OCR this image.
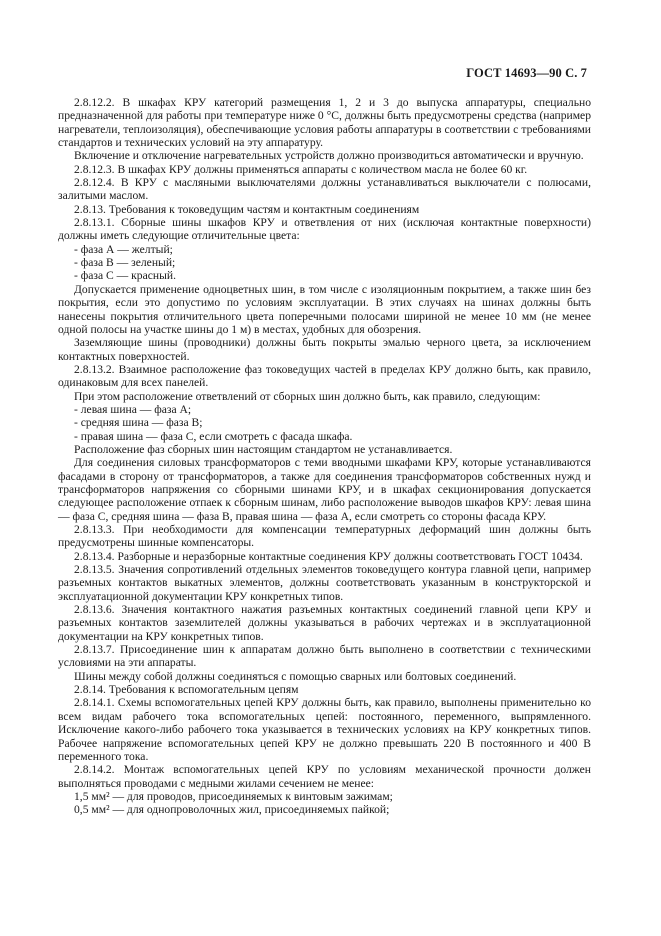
ГОСТ 14693—90 С. 7

2.8.12.2. В шкафах КРУ категорий размещения 1, 2 и 3 до выпуска аппаратуры, специально предназначенной для работы при температуре ниже 0 °С, должны быть предусмотрены средства (например нагреватели, теплоизоляция), обеспечивающие условия работы аппаратуры в соответствии с требованиями стандартов и технических условий на эту аппаратуру.

Включение и отключение нагревательных устройств должно производиться автоматически и вручную.

2.8.12.3. В шкафах КРУ должны применяться аппараты с количеством масла не более 60 кг.

2.8.12.4. В КРУ с масляными выключателями должны устанавливаться выключатели с полюсами, залитыми маслом.

2.8.13. Требования к токоведущим частям и контактным соединениям

2.8.13.1. Сборные шины шкафов КРУ и ответвления от них (исключая контактные поверхности) должны иметь следующие отличительные цвета:

- фаза А — желтый;

- фаза В — зеленый;

- фаза С — красный.

Допускается применение одноцветных шин, в том числе с изоляционным покрытием, а также шин без покрытия, если это допустимо по условиям эксплуатации. В этих случаях на шинах должны быть нанесены покрытия отличительного цвета поперечными полосами шириной не менее 10 мм (не менее одной полосы на участке шины до 1 м) в местах, удобных для обозрения.

Заземляющие шины (проводники) должны быть покрыты эмалью черного цвета, за исключением контактных поверхностей.

2.8.13.2. Взаимное расположение фаз токоведущих частей в пределах КРУ должно быть, как правило, одинаковым для всех панелей.

При этом расположение ответвлений от сборных шин должно быть, как правило, следующим:

- левая шина — фаза А;

- средняя шина — фаза В;

- правая шина — фаза С, если смотреть с фасада шкафа.

Расположение фаз сборных шин настоящим стандартом не устанавливается.

Для соединения силовых трансформаторов с теми вводными шкафами КРУ, которые устанавливаются фасадами в сторону от трансформаторов, а также для соединения трансформаторов собственных нужд и трансформаторов напряжения со сборными шинами КРУ, и в шкафах секционирования допускается следующее расположение отпаек к сборным шинам, либо расположение выводов шкафов КРУ: левая шина — фаза С, средняя шина — фаза В, правая шина — фаза А, если смотреть со стороны фасада КРУ.

2.8.13.3. При необходимости для компенсации температурных деформаций шин должны быть предусмотрены шинные компенсаторы.

2.8.13.4. Разборные и неразборные контактные соединения КРУ должны соответствовать ГОСТ 10434.

2.8.13.5. Значения сопротивлений отдельных элементов токоведущего контура главной цепи, например разъемных контактов выкатных элементов, должны соответствовать указанным в конструкторской и эксплуатационной документации КРУ конкретных типов.

2.8.13.6. Значения контактного нажатия разъемных контактных соединений главной цепи КРУ и разъемных контактов заземлителей должны указываться в рабочих чертежах и в эксплуатационной документации на КРУ конкретных типов.

2.8.13.7. Присоединение шин к аппаратам должно быть выполнено в соответствии с техническими условиями на эти аппараты.

Шины между собой должны соединяться с помощью сварных или болтовых соединений.

2.8.14. Требования к вспомогательным цепям

2.8.14.1. Схемы вспомогательных цепей КРУ должны быть, как правило, выполнены применительно ко всем видам рабочего тока вспомогательных цепей: постоянного, переменного, выпрямленного. Исключение какого-либо рабочего тока указывается в технических условиях на КРУ конкретных типов. Рабочее напряжение вспомогательных цепей КРУ не должно превышать 220 В постоянного и 400 В переменного тока.

2.8.14.2. Монтаж вспомогательных цепей КРУ по условиям механической прочности должен выполняться проводами с медными жилами сечением не менее:

1,5 мм² — для проводов, присоединяемых к винтовым зажимам;

0,5 мм² — для однопроволочных жил, присоединяемых пайкой;
